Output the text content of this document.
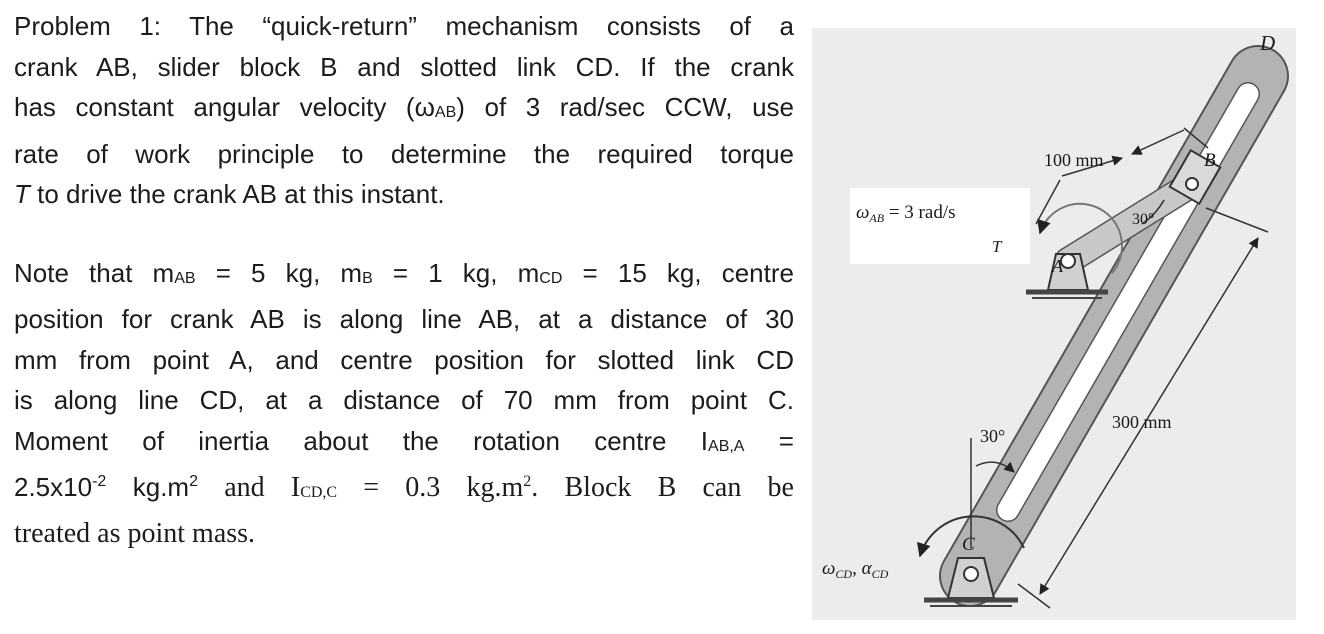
Problem 1: The “quick-return” mechanism consists of a
crank AB, slider block B and slotted link CD. If the crank
has constant angular velocity (ωAB) of 3 rad/sec CCW, use
rate of work principle to determine the required torque
T to drive the crank AB at this instant.

Note that mAB = 5 kg, mB = 1 kg, mCD = 15 kg, centre
position for crank AB is along line AB, at a distance of 30
mm from point A, and centre position for slotted link CD
is along line CD, at a distance of 70 mm from point C.
Moment of inertia about the rotation centre IAB,A =
$2.5x10^{-2}$ $kg.m^2$ and ICD,C = 0.3 $kg.m^2$. Block B can be
treated as point mass.

D
B
A
C
T
100 mm
300 mm
30°
30°
$\omega_{AB} = 3$ rad/s
$\omega_{CD}$, $\alpha_{CD}$
